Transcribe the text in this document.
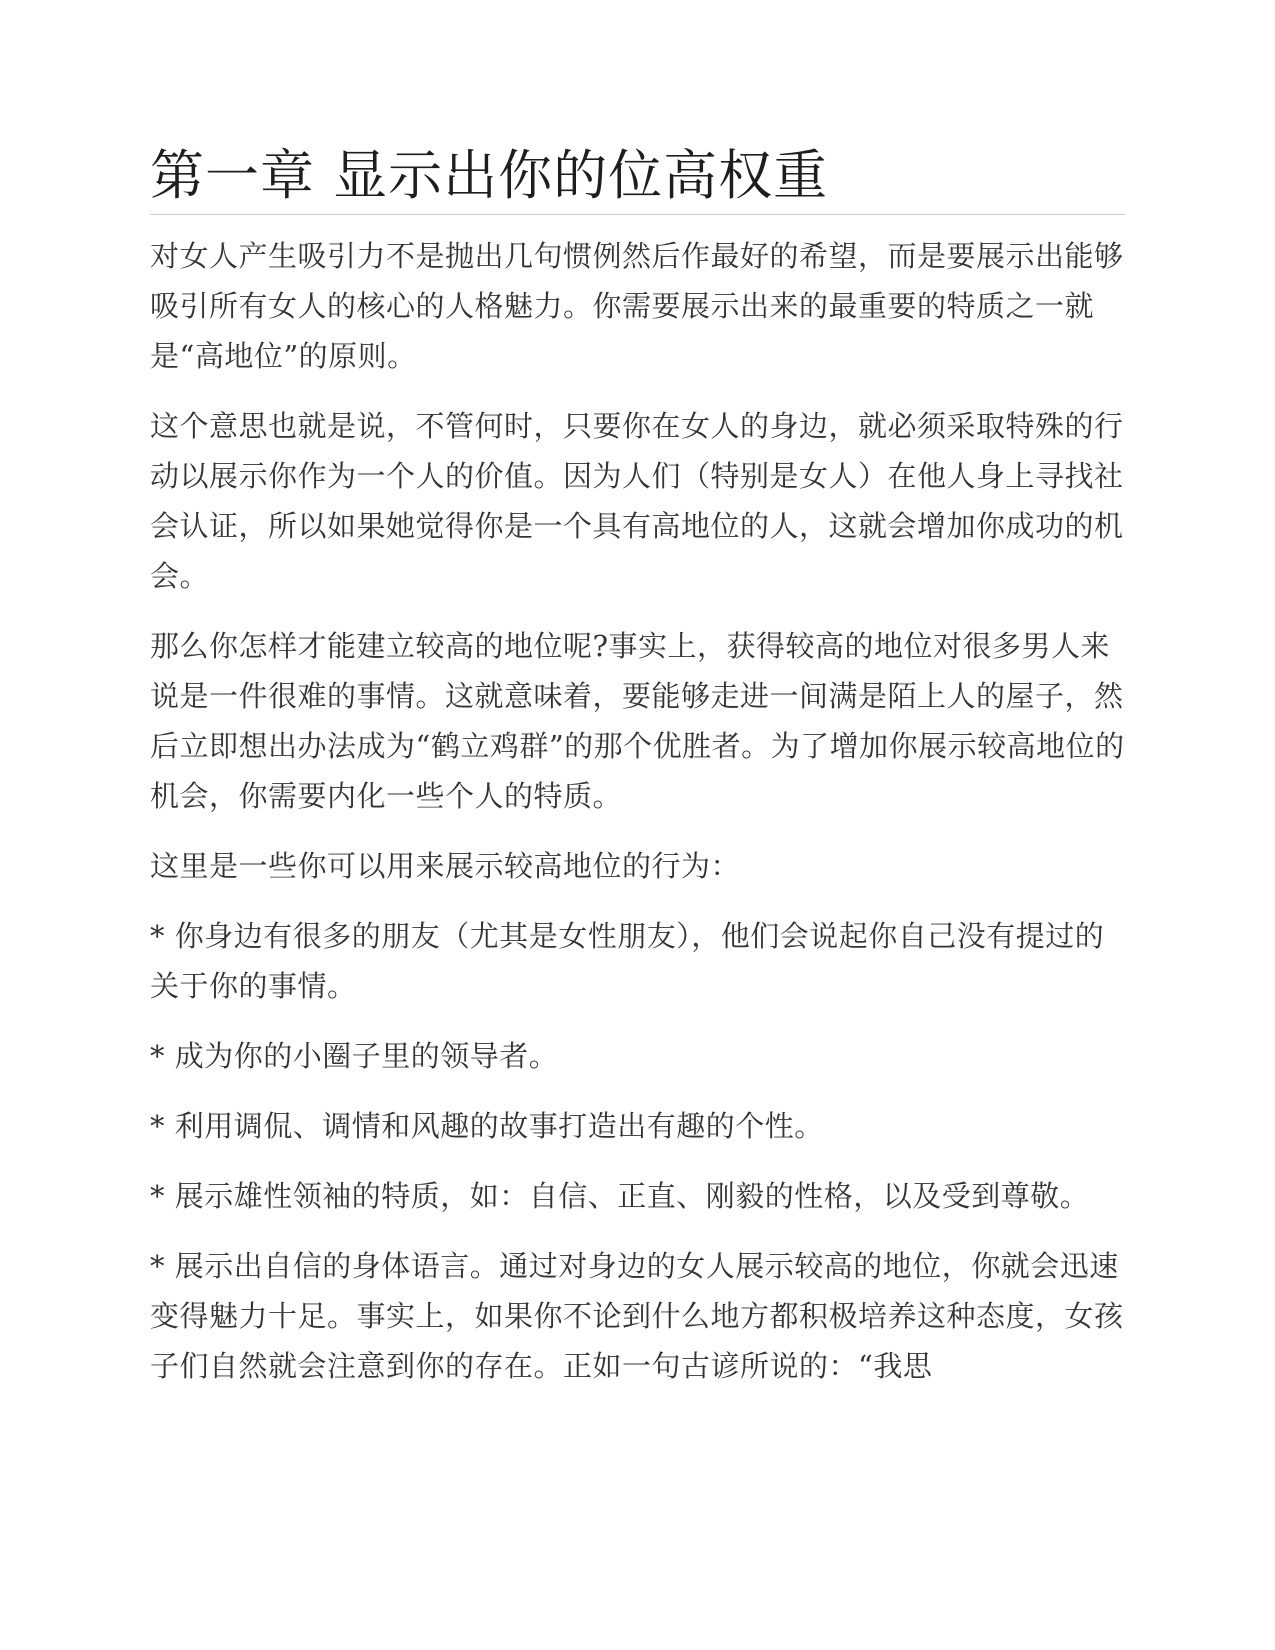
第一章 显示出你的位高权重

对女人产生吸引力不是抛出几句惯例然后作最好的希望，而是要展示出能够吸引所有女人的核心的人格魅力。你需要展示出来的最重要的特质之一就是“高地位”的原则。

这个意思也就是说，不管何时，只要你在女人的身边，就必须采取特殊的行动以展示你作为一个人的价值。因为人们（特别是女人）在他人身上寻找社会认证，所以如果她觉得你是一个具有高地位的人，这就会增加你成功的机会。

那么你怎样才能建立较高的地位呢?事实上，获得较高的地位对很多男人来说是一件很难的事情。这就意味着，要能够走进一间满是陌上人的屋子，然后立即想出办法成为“鹤立鸡群”的那个优胜者。为了增加你展示较高地位的机会，你需要内化一些个人的特质。

这里是一些你可以用来展示较高地位的行为：

* 你身边有很多的朋友（尤其是女性朋友），他们会说起你自己没有提过的关于你的事情。

* 成为你的小圈子里的领导者。

* 利用调侃、调情和风趣的故事打造出有趣的个性。

* 展示雄性领袖的特质，如：自信、正直、刚毅的性格，以及受到尊敬。

* 展示出自信的身体语言。通过对身边的女人展示较高的地位，你就会迅速变得魅力十足。事实上，如果你不论到什么地方都积极培养这种态度，女孩子们自然就会注意到你的存在。正如一句古谚所说的：“我思
